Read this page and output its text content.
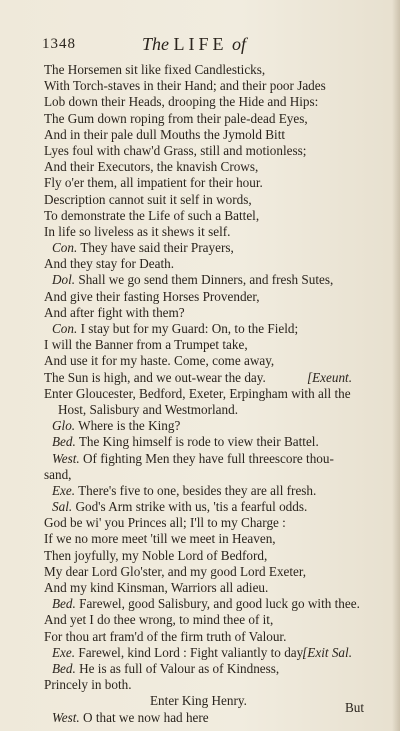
1348	The LIFE of
The Horsemen sit like fixed Candlesticks,
With Torch-staves in their Hand; and their poor Jades
Lob down their Heads, drooping the Hide and Hips:
The Gum down roping from their pale-dead Eyes,
And in their pale dull Mouths the Jymold Bitt
Lyes foul with chaw'd Grass, still and motionless;
And their Executors, the knavish Crows,
Fly o'er them, all impatient for their hour.
Description cannot suit it self in words,
To demonstrate the Life of such a Battel,
In life so liveless as it shews it self.
Con. They have said their Prayers,
And they stay for Death.
Dol. Shall we go send them Dinners, and fresh Sutes,
And give their fasting Horses Provender,
And after fight with them?
Con. I stay but for my Guard: On, to the Field;
I will the Banner from a Trumpet take,
And use it for my haste. Come, come away,
The Sun is high, and we out-wear the day.	[Exeunt.
Enter Gloucester, Bedford, Exeter, Erpingham with all the
Host, Salisbury and Westmorland.
Glo. Where is the King?
Bed. The King himself is rode to view their Battel.
West. Of fighting Men they have full threescore thou-
sand,
Exe. There's five to one, besides they are all fresh.
Sal. God's Arm strike with us, 'tis a fearful odds.
God be wi' you Princes all; I'll to my Charge :
If we no more meet 'till we meet in Heaven,
Then joyfully, my Noble Lord of Bedford,
My dear Lord Glo'ster, and my good Lord Exeter,
And my kind Kinsman, Warriors all adieu.
Bed. Farewel, good Salisbury, and good luck go with thee.
And yet I do thee wrong, to mind thee of it,
For thou art fram'd of the firm truth of Valour.
Exe. Farewel, kind Lord : Fight valiantly to day.
[Exit Sal.
Bed. He is as full of Valour as of Kindness,
Princely in both.
Enter King Henry.
West. O that we now had here
But
